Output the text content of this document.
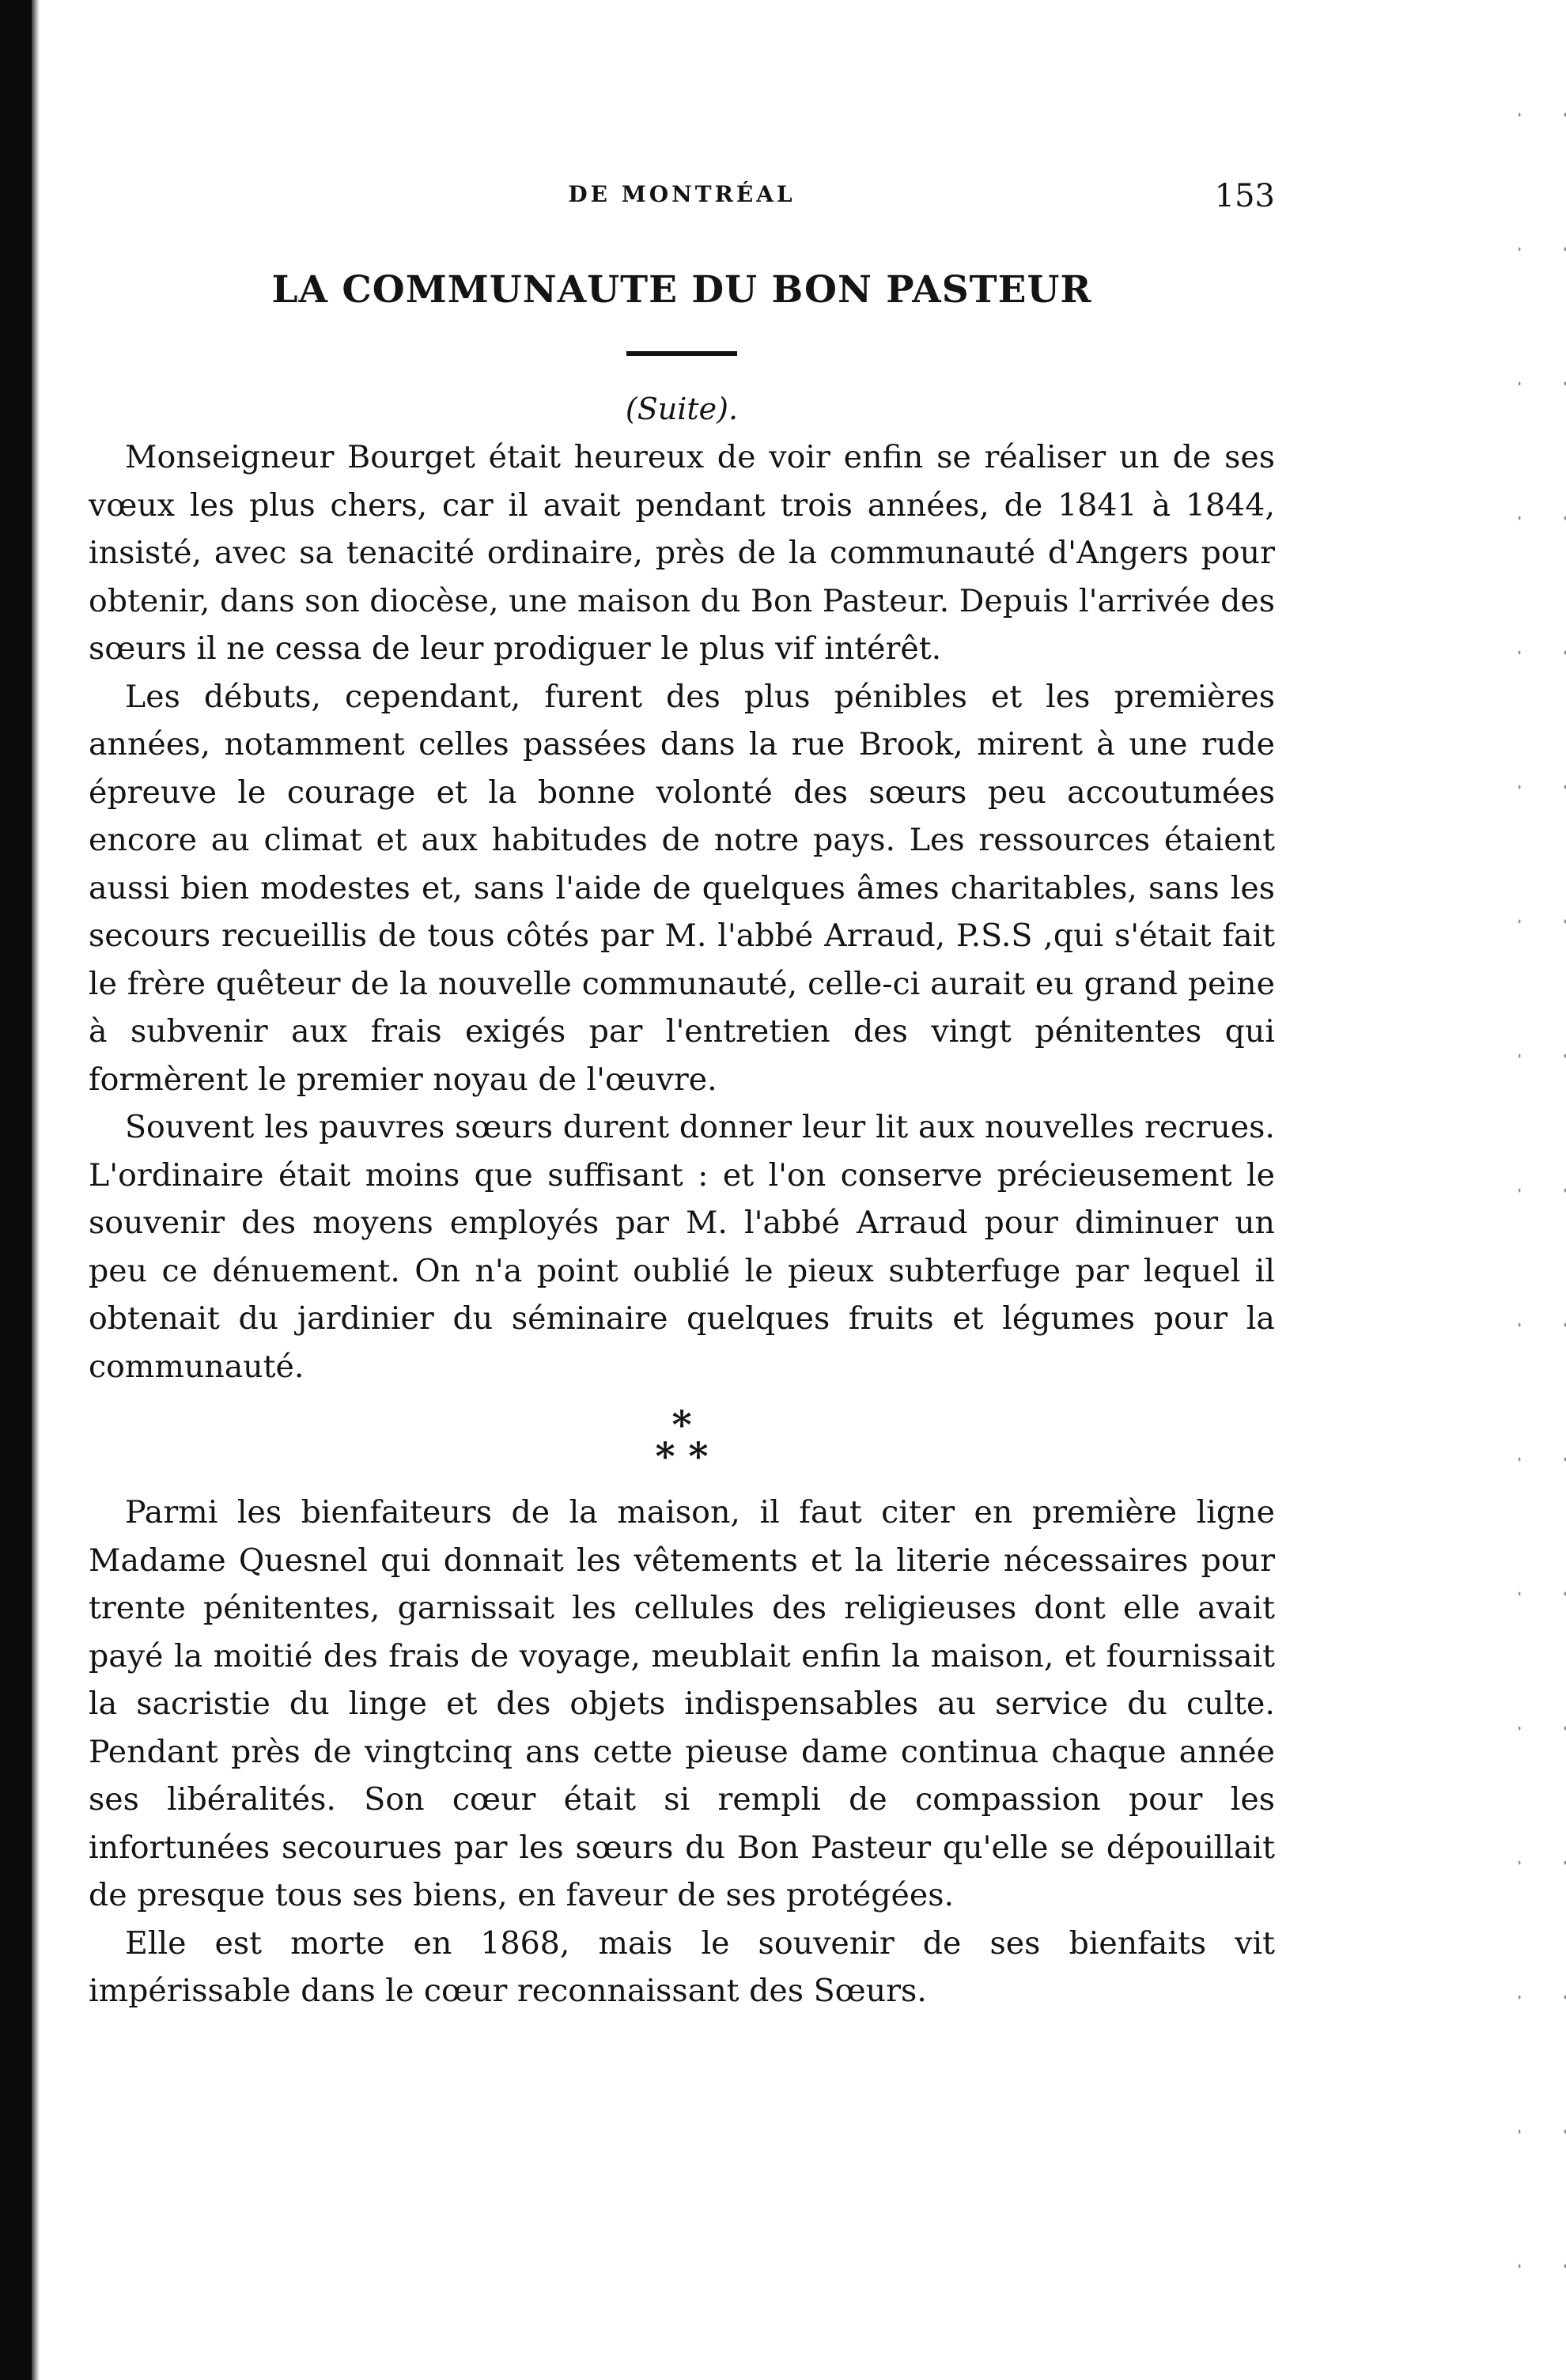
DE MONTRÉAL	153
LA COMMUNAUTE DU BON PASTEUR
(Suite).

Monseigneur Bourget était heureux de voir enfin se réaliser un de ses vœux les plus chers, car il avait pendant trois années, de 1841 à 1844, insisté, avec sa tenacité ordinaire, près de la communauté d'Angers pour obtenir, dans son diocèse, une maison du Bon Pasteur. Depuis l'arrivée des sœurs il ne cessa de leur prodiguer le plus vif intérêt.

Les débuts, cependant, furent des plus pénibles et les premières années, notamment celles passées dans la rue Brook, mirent à une rude épreuve le courage et la bonne volonté des sœurs peu accoutumées encore au climat et aux habitudes de notre pays. Les ressources étaient aussi bien modestes et, sans l'aide de quelques âmes charitables, sans les secours recueillis de tous côtés par M. l'abbé Arraud, P.S.S ,qui s'était fait le frère quêteur de la nouvelle communauté, celle-ci aurait eu grand peine à subvenir aux frais exigés par l'entretien des vingt pénitentes qui formèrent le premier noyau de l'œuvre.

Souvent les pauvres sœurs durent donner leur lit aux nouvelles recrues. L'ordinaire était moins que suffisant : et l'on conserve précieusement le souvenir des moyens employés par M. l'abbé Arraud pour diminuer un peu ce dénuement. On n'a point oublié le pieux subterfuge par lequel il obtenait du jardinier du séminaire quelques fruits et légumes pour la communauté.

*
* *

Parmi les bienfaiteurs de la maison, il faut citer en première ligne Madame Quesnel qui donnait les vêtements et la literie nécessaires pour trente pénitentes, garnissait les cellules des religieuses dont elle avait payé la moitié des frais de voyage, meublait enfin la maison, et fournissait la sacristie du linge et des objets indispensables au service du culte. Pendant près de vingtcinq ans cette pieuse dame continua chaque année ses libéralités. Son cœur était si rempli de compassion pour les infortunées secourues par les sœurs du Bon Pasteur qu'elle se dépouillait de presque tous ses biens, en faveur de ses protégées.

Elle est morte en 1868, mais le souvenir de ses bienfaits vit impérissable dans le cœur reconnaissant des Sœurs.
